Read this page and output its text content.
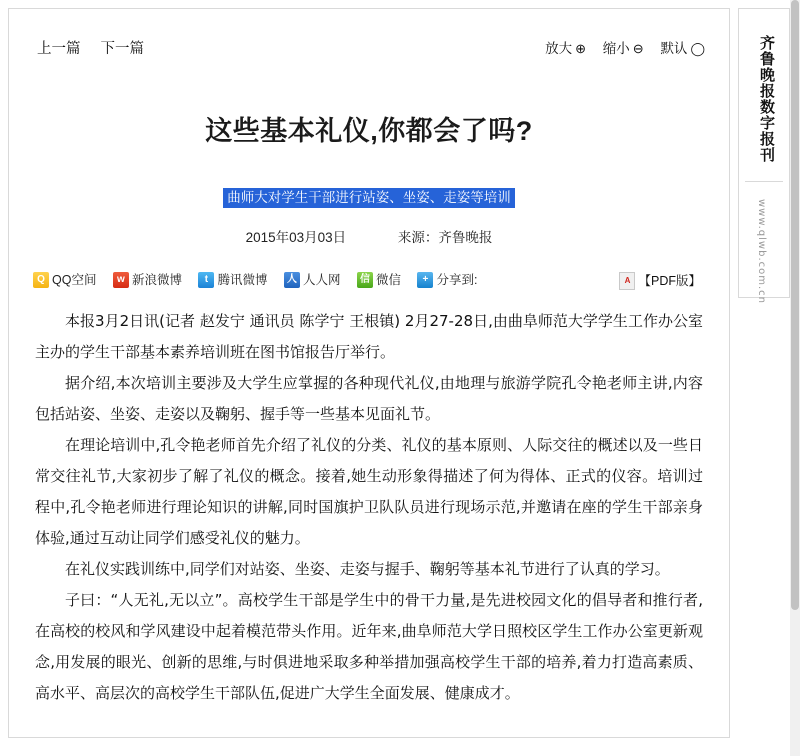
上一篇 下一篇	放大 ⊕ 缩小 ⊖ 默认 ◯
这些基本礼仪,你都会了吗?
曲师大对学生干部进行站姿、坐姿、走姿等培训
2015年03月03日	来源：齐鲁晚报
Q QQ空间
	w 新浪微博
	t 腾讯微博
	人 人人网
	信 微信
	+ 分享到:	A 【PDF版】

本报3月2日讯(记者 赵发宁 通讯员 陈学宁 王根镇) 2月27-28日,由曲阜师范大学学生工作办公室主办的学生干部基本素养培训班在图书馆报告厅举行。

据介绍,本次培训主要涉及大学生应掌握的各种现代礼仪,由地理与旅游学院孔令艳老师主讲,内容包括站姿、坐姿、走姿以及鞠躬、握手等一些基本见面礼节。

在理论培训中,孔令艳老师首先介绍了礼仪的分类、礼仪的基本原则、人际交往的概述以及一些日常交往礼节,大家初步了解了礼仪的概念。接着,她生动形象得描述了何为得体、正式的仪容。培训过程中,孔令艳老师进行理论知识的讲解,同时国旗护卫队队员进行现场示范,并邀请在座的学生干部亲身体验,通过互动让同学们感受礼仪的魅力。

在礼仪实践训练中,同学们对站姿、坐姿、走姿与握手、鞠躬等基本礼节进行了认真的学习。

子曰：“人无礼,无以立”。高校学生干部是学生中的骨干力量,是先进校园文化的倡导者和推行者,在高校的校风和学风建设中起着模范带头作用。近年来,曲阜师范大学日照校区学生工作办公室更新观念,用发展的眼光、创新的思维,与时俱进地采取多种举措加强高校学生干部的培养,着力打造高素质、高水平、高层次的高校学生干部队伍,促进广大学生全面发展、健康成才。

齐鲁晚报数字报刊
www.qlwb.com.cn
